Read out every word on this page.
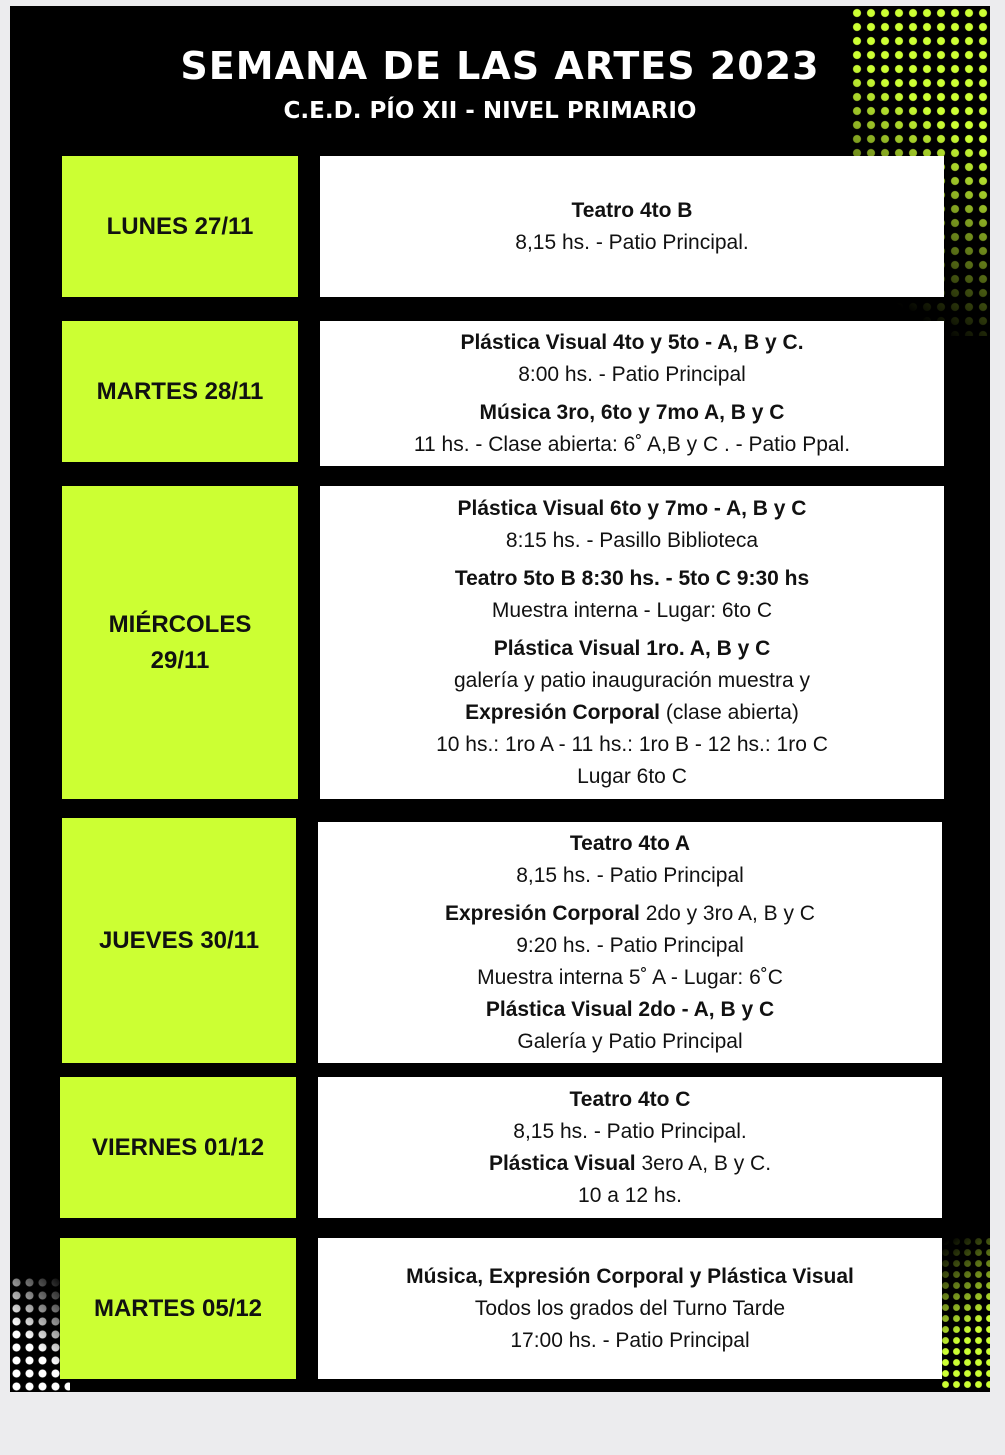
SEMANA DE LAS ARTES 2023
C.E.D. PÍO XII - NIVEL PRIMARIO
LUNES 27/11
Teatro 4to B
8,15 hs. - Patio Principal.
MARTES 28/11
Plástica Visual 4to y 5to - A, B y C.
8:00 hs. - Patio Principal
Música 3ro, 6to y 7mo A, B y C
11 hs. - Clase abierta: 6˚ A,B y C . - Patio Ppal.
MIÉRCOLES 29/11
Plástica Visual 6to y 7mo - A, B y C
8:15 hs. - Pasillo Biblioteca
Teatro 5to B 8:30 hs. - 5to C 9:30 hs
Muestra interna - Lugar: 6to C
Plástica Visual 1ro. A, B y C
galería y patio inauguración muestra y
Expresión Corporal (clase abierta)
10 hs.: 1ro A - 11 hs.: 1ro B - 12 hs.: 1ro C
Lugar 6to C
JUEVES 30/11
Teatro 4to A
8,15 hs. - Patio Principal
Expresión Corporal 2do y 3ro A, B y C
9:20 hs. - Patio Principal
Muestra interna 5˚ A - Lugar: 6˚C
Plástica Visual 2do - A, B y C
Galería y Patio Principal
VIERNES 01/12
Teatro 4to C
8,15 hs. - Patio Principal.
Plástica Visual 3ero A, B y C.
10 a 12 hs.
MARTES 05/12
Música, Expresión Corporal y Plástica Visual
Todos los grados del Turno Tarde
17:00 hs. - Patio Principal
